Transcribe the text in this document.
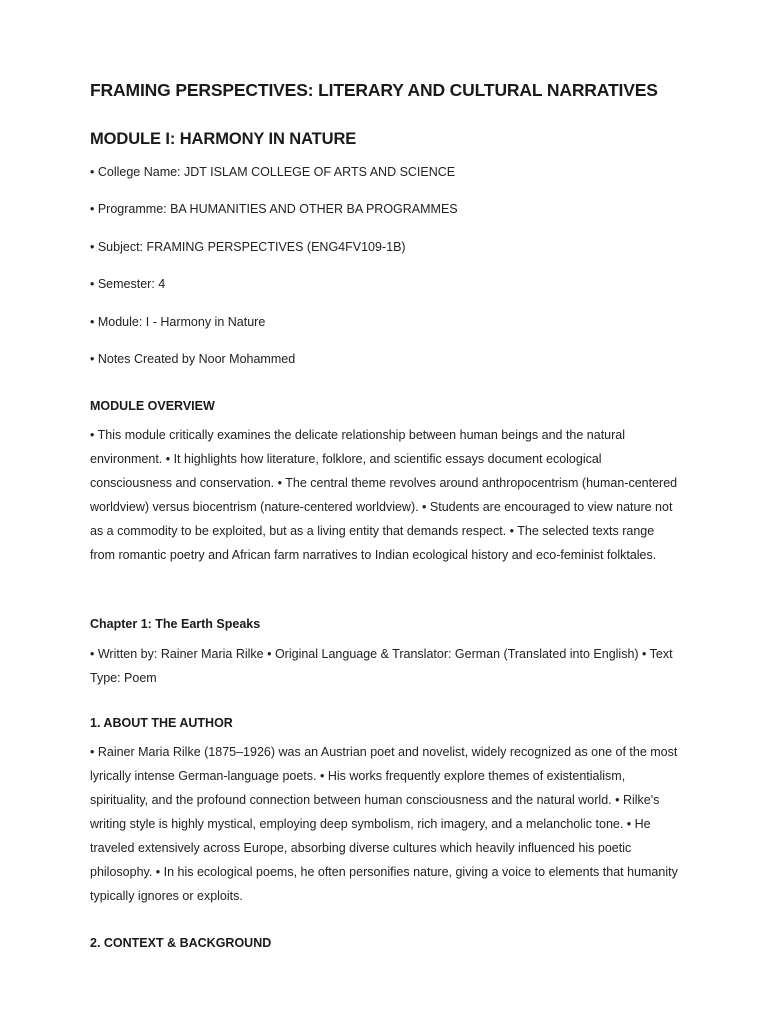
FRAMING PERSPECTIVES: LITERARY AND CULTURAL NARRATIVES
MODULE I: HARMONY IN NATURE

• College Name: JDT ISLAM COLLEGE OF ARTS AND SCIENCE

• Programme: BA HUMANITIES AND OTHER BA PROGRAMMES

• Subject: FRAMING PERSPECTIVES (ENG4FV109-1B)

• Semester: 4

• Module: I - Harmony in Nature

• Notes Created by Noor Mohammed

MODULE OVERVIEW

• This module critically examines the delicate relationship between human beings and the natural environment. • It highlights how literature, folklore, and scientific essays document ecological consciousness and conservation. • The central theme revolves around anthropocentrism (human-centered worldview) versus biocentrism (nature-centered worldview). • Students are encouraged to view nature not as a commodity to be exploited, but as a living entity that demands respect. • The selected texts range from romantic poetry and African farm narratives to Indian ecological history and eco-feminist folktales.

Chapter 1: The Earth Speaks

• Written by: Rainer Maria Rilke • Original Language & Translator: German (Translated into English) • Text Type: Poem

1. ABOUT THE AUTHOR

• Rainer Maria Rilke (1875–1926) was an Austrian poet and novelist, widely recognized as one of the most lyrically intense German-language poets. • His works frequently explore themes of existentialism, spirituality, and the profound connection between human consciousness and the natural world. • Rilke's writing style is highly mystical, employing deep symbolism, rich imagery, and a melancholic tone. • He traveled extensively across Europe, absorbing diverse cultures which heavily influenced his poetic philosophy. • In his ecological poems, he often personifies nature, giving a voice to elements that humanity typically ignores or exploits.

2. CONTEXT & BACKGROUND
